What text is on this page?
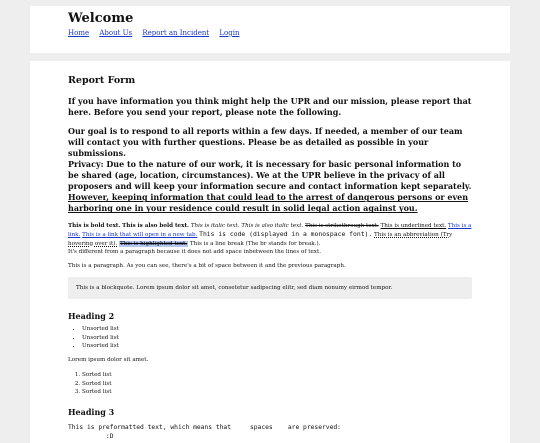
Welcome
Home About Us Report an Incident Login
Report Form

If you have information you think might help the UPR and our mission, please report that here. Before you send your report, please note the following.

Our goal is to respond to all reports within a few days. If needed, a member of our team will contact you with further questions. Please be as detailed as possible in your submissions.
Privacy: Due to the nature of our work, it is necessary for basic personal information to be shared (age, location, circumstances). We at the UPR believe in the privacy of all proposers and will keep your information secure and contact information kept separately.
However, keeping information that could lead to the arrest of dangerous persons or even harboring one in your residence could result in solid legal action against you.

This is bold text. This is also bold text. This is italic text. This is also italic text. This is strikethrough text. This is underlined text. This is a link. This is a link that will open in a new tab. This is code (displayed in a monospace font). This is an abbreviation (Try hovering over it). This is highlighted text. This is a line break (The br stands for break.).
It's different from a paragraph because it does not add space inbetween the lines of text.

This is a paragraph. As you can see, there's a bit of space between it and the previous paragraph.

This is a blockquote. Lorem ipsum dolor sit amet, consetetur sadipscing elitr, sed diam nonumy eirmod tempor.
Heading 2
• Unsorted list
• Unsorted list
• Unsorted list

Lorem ipsum dolor sit amet.

1. Sorted list
2. Sorted list
3. Sorted list
Heading 3
This is preformatted text, which means that     spaces    are preserved:
:D
